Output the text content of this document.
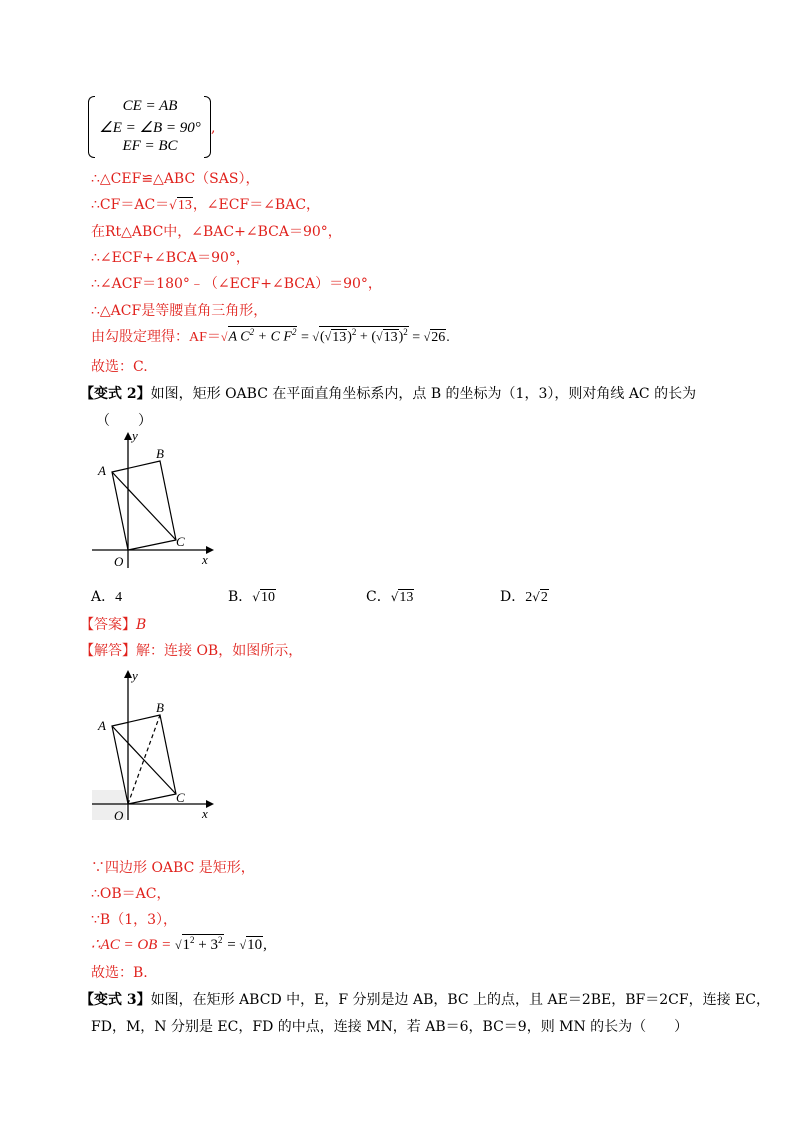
CE = AB
∠E = ∠B = 90°
EF = BC
,
∴△CEF≌△ABC（SAS），
∴CF＝AC＝√13，∠ECF＝∠BAC，
在Rt△ABC中，∠BAC+∠BCA＝90°，
∴∠ECF+∠BCA＝90°，
∴∠ACF＝180°﹣（∠ECF+∠BCA）＝90°，
∴△ACF是等腰直角三角形，
由勾股定理得：AF＝√A $C^2 + C$ $F^2 = √(√13)^2 + (√13)^2 = √26$.
故选：C.
【变式 2】如图，矩形 OABC 在平面直角坐标系内，点 B 的坐标为（1，3），则对角线 AC 的长为
（　　）
y
x
A
B
C
O
A．4	B．√10	C．√13	D．2√2
【答案】B
【解答】解：连接 OB，如图所示，
y
x
A
B
C
O
∵四边形 OABC 是矩形，
∴OB＝AC，
∵B（1，3），
∴AC = OB = $√1^2 + 3^2 = √10$,
故选：B.
【变式 3】如图，在矩形 ABCD 中，E，F 分别是边 AB，BC 上的点，且 AE＝2BE，BF＝2CF，连接 EC，
FD，M，N 分别是 EC，FD 的中点，连接 MN，若 AB＝6，BC＝9，则 MN 的长为（　　）
